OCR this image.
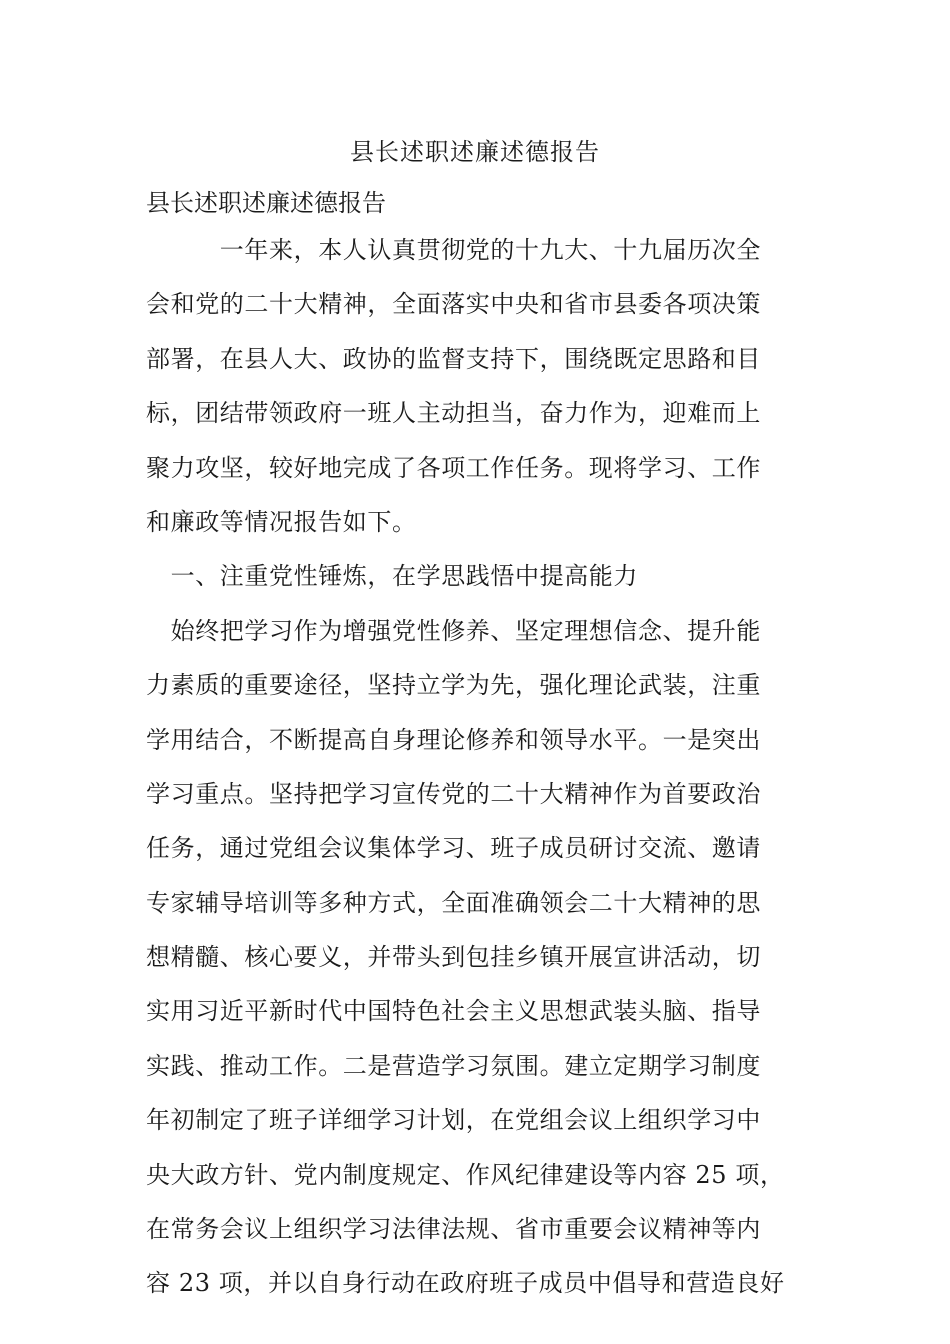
县长述职述廉述德报告
县长述职述廉述德报告
　　　一年来，本人认真贯彻党的十九大、十九届历次全
会和党的二十大精神，全面落实中央和省市县委各项决策
部署，在县人大、政协的监督支持下，围绕既定思路和目
标，团结带领政府一班人主动担当，奋力作为，迎难而上
聚力攻坚，较好地完成了各项工作任务。现将学习、工作
和廉政等情况报告如下。
　一、注重党性锤炼，在学思践悟中提高能力
　始终把学习作为增强党性修养、坚定理想信念、提升能
力素质的重要途径，坚持立学为先，强化理论武装，注重
学用结合，不断提高自身理论修养和领导水平。一是突出
学习重点。坚持把学习宣传党的二十大精神作为首要政治
任务，通过党组会议集体学习、班子成员研讨交流、邀请
专家辅导培训等多种方式，全面准确领会二十大精神的思
想精髓、核心要义，并带头到包挂乡镇开展宣讲活动，切
实用习近平新时代中国特色社会主义思想武装头脑、指导
实践、推动工作。二是营造学习氛围。建立定期学习制度
年初制定了班子详细学习计划，在党组会议上组织学习中
央大政方针、党内制度规定、作风纪律建设等内容 25 项，
在常务会议上组织学习法律法规、省市重要会议精神等内
容 23 项，并以自身行动在政府班子成员中倡导和营造良好
